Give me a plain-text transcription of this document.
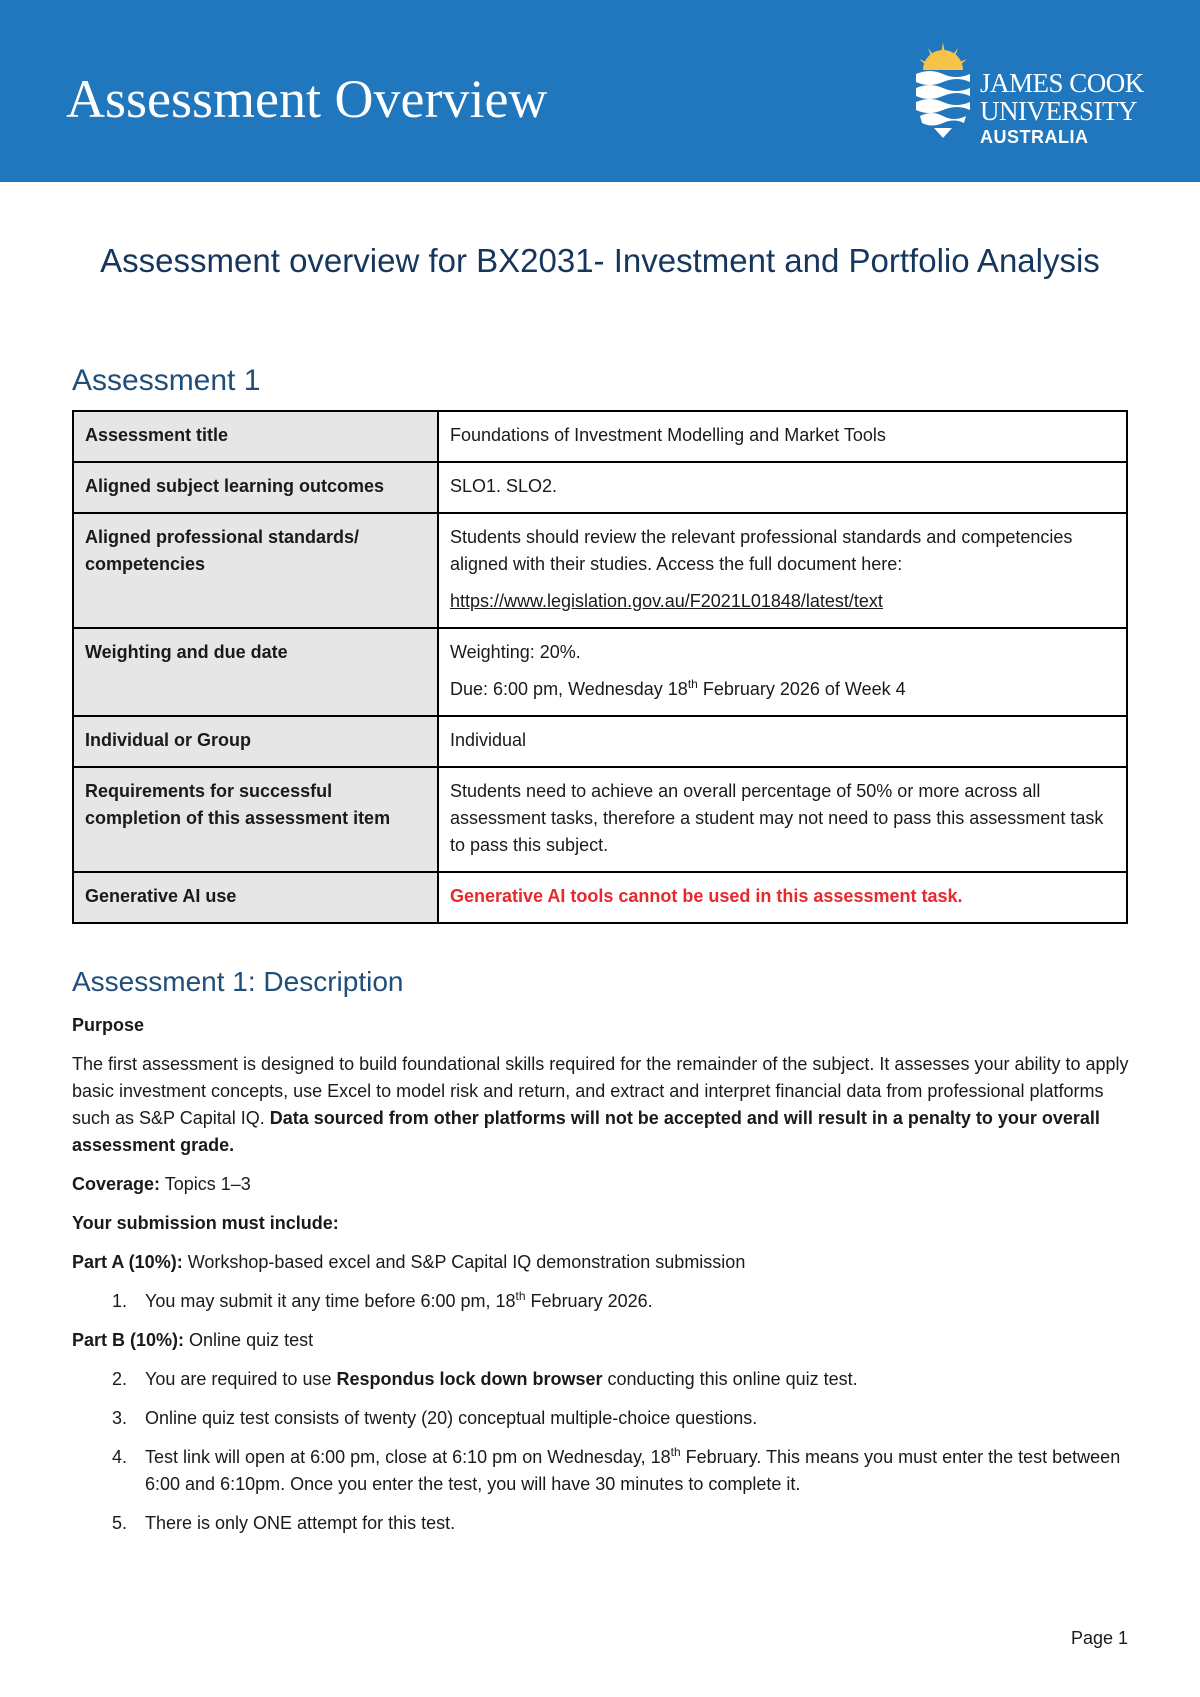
Assessment Overview	JAMES COOK
UNIVERSITY
AUSTRALIA
Assessment overview for BX2031- Investment and Portfolio Analysis
Assessment 1
Assessment title	Foundations of Investment Modelling and Market Tools
Aligned subject learning outcomes	SLO1. SLO2.
Aligned professional standards/ competencies	Students should review the relevant professional standards and competencies aligned with their studies. Access the full document here:

https://www.legislation.gov.au/F2021L01848/latest/text

Weighting and due date	Weighting: 20%.

Due: 6:00 pm, Wednesday 18th February 2026 of Week 4

Individual or Group	Individual
Requirements for successful completion of this assessment item	Students need to achieve an overall percentage of 50% or more across all assessment tasks, therefore a student may not need to pass this assessment task to pass this subject.
Generative AI use	Generative AI tools cannot be used in this assessment task.
Assessment 1: Description

Purpose

The first assessment is designed to build foundational skills required for the remainder of the subject. It assesses your ability to apply basic investment concepts, use Excel to model risk and return, and extract and interpret financial data from professional platforms such as S&P Capital IQ. Data sourced from other platforms will not be accepted and will result in a penalty to your overall assessment grade.

Coverage: Topics 1–3

Your submission must include:

Part A (10%): Workshop-based excel and S&P Capital IQ demonstration submission

1. You may submit it any time before 6:00 pm, 18th February 2026.

Part B (10%): Online quiz test

2. You are required to use Respondus lock down browser conducting this online quiz test.
3. Online quiz test consists of twenty (20) conceptual multiple-choice questions.
4. Test link will open at 6:00 pm, close at 6:10 pm on Wednesday, 18th February. This means you must enter the test between 6:00 and 6:10pm. Once you enter the test, you will have 30 minutes to complete it.
5. There is only ONE attempt for this test.
Page 1
